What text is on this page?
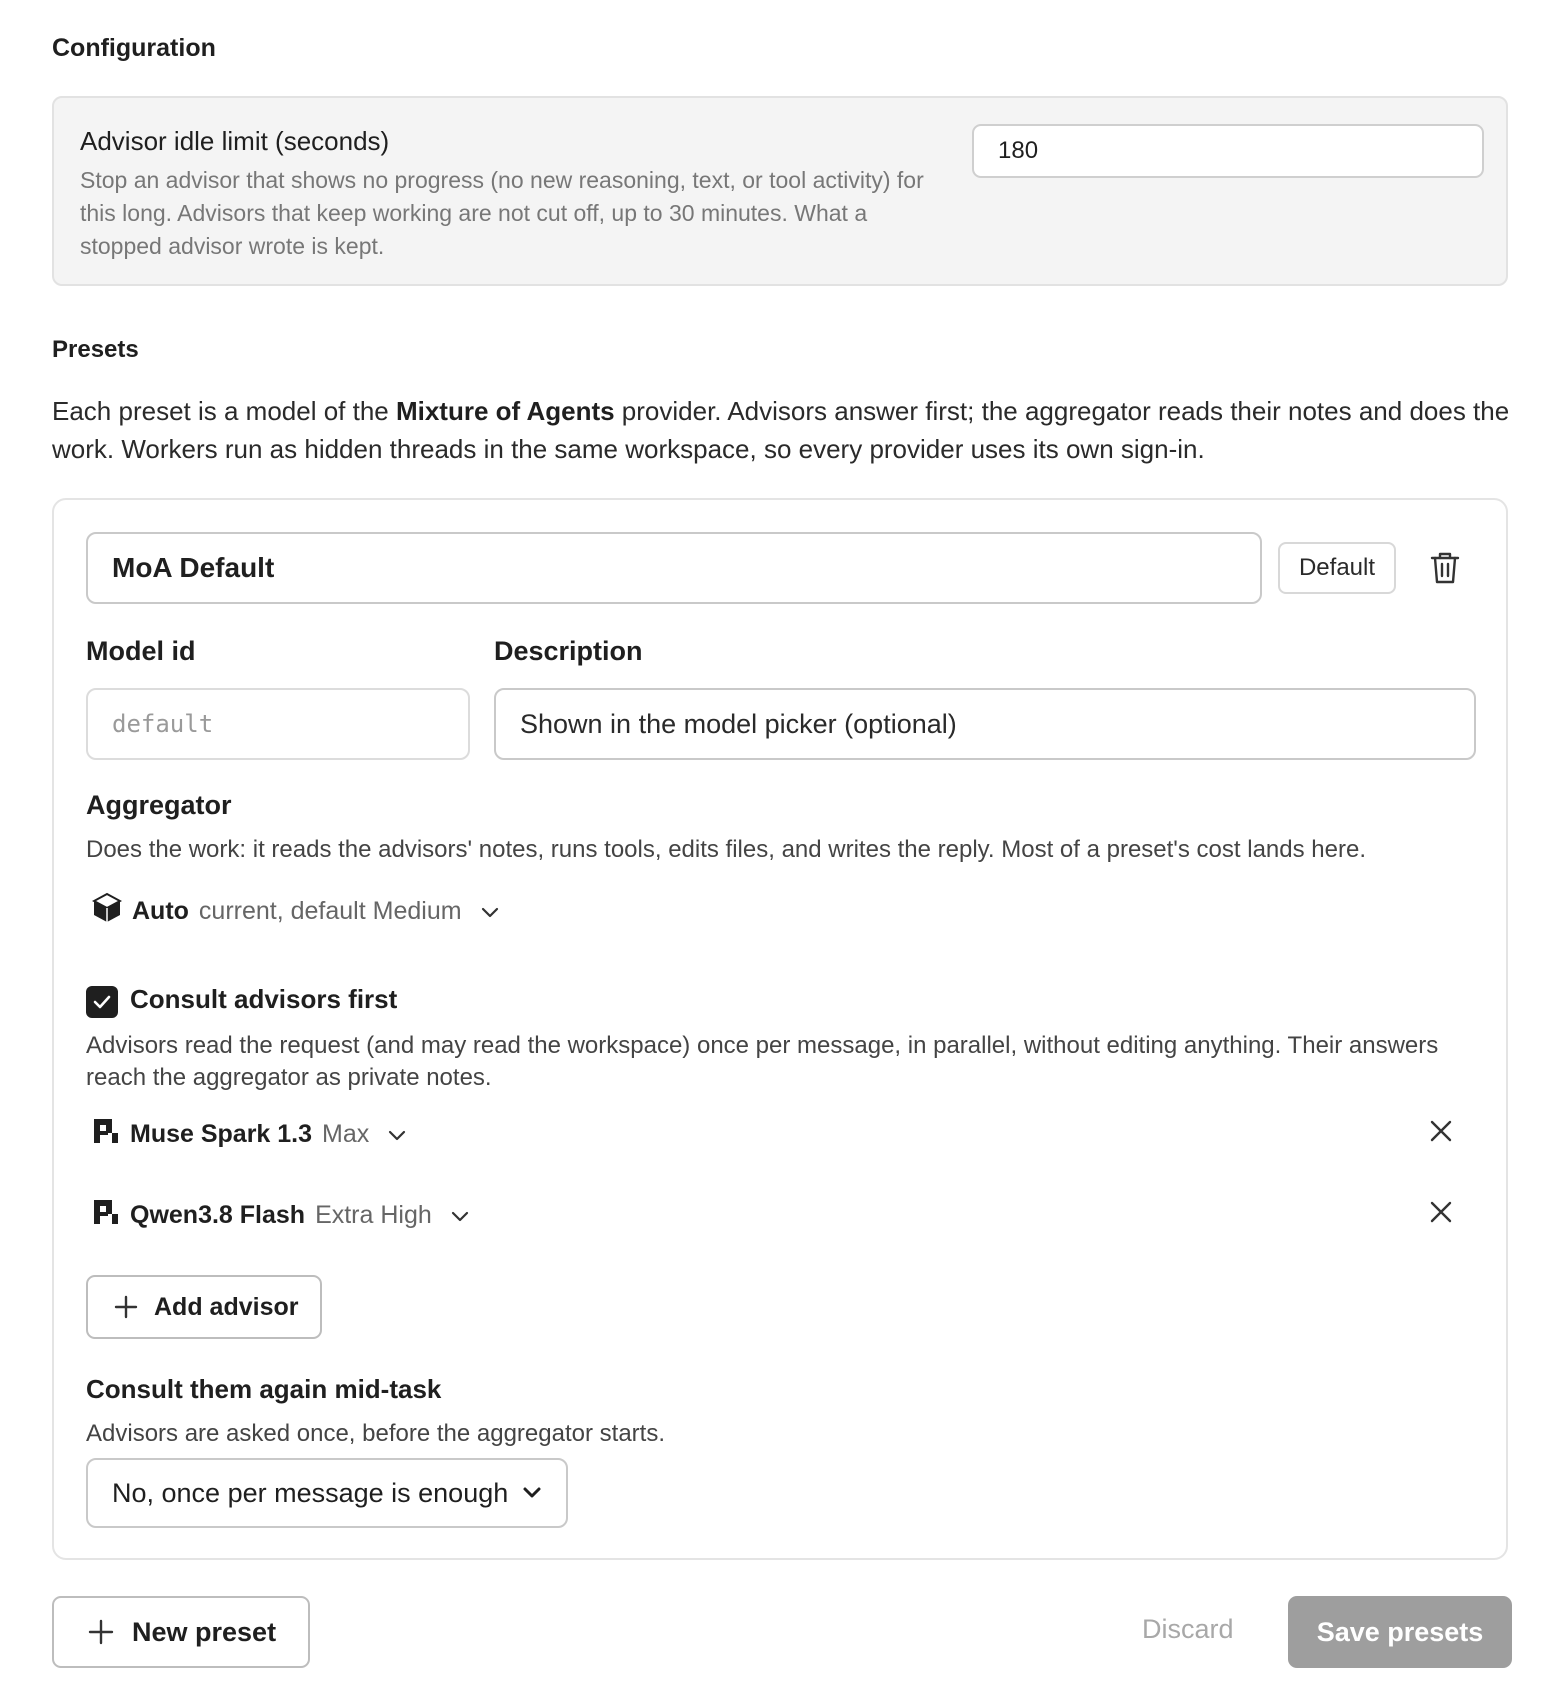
Configuration
Advisor idle limit (seconds)
Stop an advisor that shows no progress (no new reasoning, text, or tool activity) for this long. Advisors that keep working are not cut off, up to 30 minutes. What a stopped advisor wrote is kept.
180
Presets
Each preset is a model of the Mixture of Agents provider. Advisors answer first; the aggregator reads their notes and does the work. Workers run as hidden threads in the same workspace, so every provider uses its own sign-in.
MoA Default
Default
Model id	Description
default
Shown in the model picker (optional)
Aggregator
Does the work: it reads the advisors' notes, runs tools, edits files, and writes the reply. Most of a preset's cost lands here.
Auto current, default Medium
Consult advisors first
Advisors read the request (and may read the workspace) once per message, in parallel, without editing anything. Their answers reach the aggregator as private notes.
Muse Spark 1.3 Max
Qwen3.8 Flash Extra High
Add advisor
Consult them again mid-task
Advisors are asked once, before the aggregator starts.
No, once per message is enough
New preset	Discard	Save presets
